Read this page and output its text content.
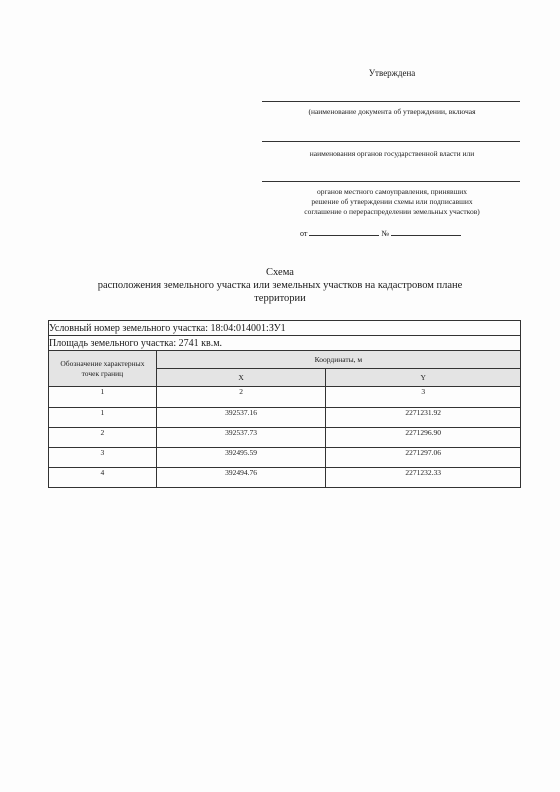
Утверждена
(наименование документа об утверждении, включая
наименования органов государственной власти или
органов местного самоуправления, принявших
решение об утверждении схемы или подписавших
соглашение о перераспределении земельных участков)
от	№
Схема
расположения земельного участка или земельных участков на кадастровом плане
территории
Условный номер земельного участка: 18:04:014001:ЗУ1		
Площадь земельного участка: 2741 кв.м.		
Обозначение характерных точек границ	Координаты, м	
	X	Y
1	2	3
1	392537.16	2271231.92
2	392537.73	2271296.90
3	392495.59	2271297.06
4	392494.76	2271232.33
